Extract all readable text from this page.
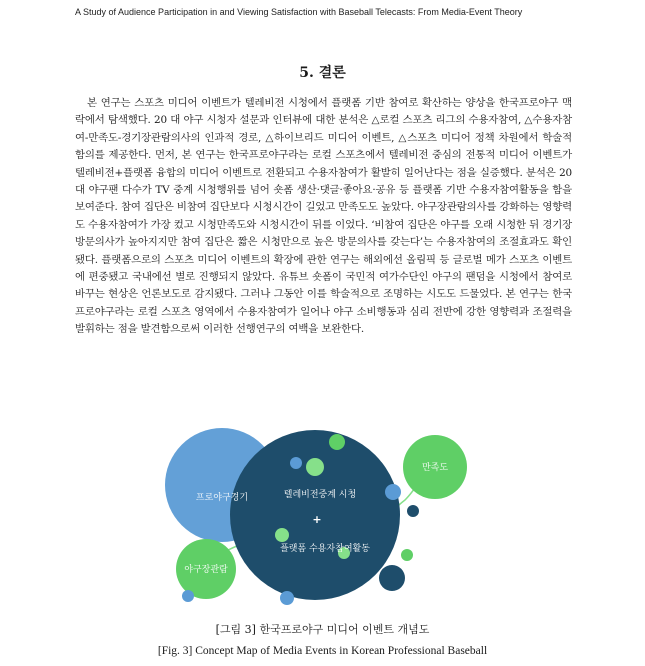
A Study of Audience Participation in and Viewing Satisfaction with Baseball Telecasts: From Media-Event Theory
5. 결론

본 연구는 스포츠 미디어 이벤트가 텔레비전 시청에서 플랫폼 기반 참여로 확산하는 양상을 한국프로야구 맥락에서 탐색했다. 20 대 야구 시청자 설문과 인터뷰에 대한 분석은 △로컬 스포츠 리그의 수용자참여, △수용자참여-만족도-경기장관람의사의 인과적 경로, △하이브리드 미디어 이벤트, △스포츠 미디어 정책 차원에서 학술적 함의를 제공한다. 먼저, 본 연구는 한국프로야구라는 로컬 스포츠에서 텔레비전 중심의 전통적 미디어 이벤트가 텔레비전+플랫폼 융합의 미디어 이벤트로 전환되고 수용자참여가 활발히 일어난다는 점을 실증했다. 분석은 20 대 야구팬 다수가 TV 중계 시청행위를 넘어 숏폼 생산·댓글·좋아요·공유 등 플랫폼 기반 수용자참여활동을 함을 보여준다. 참여 집단은 비참여 집단보다 시청시간이 길었고 만족도도 높았다. 야구장관람의사를 강화하는 영향력도 수용자참여가 가장 컸고 시청만족도와 시청시간이 뒤를 이었다. ‘비참여 집단은 야구를 오래 시청한 뒤 경기장방문의사가 높아지지만 참여 집단은 짧은 시청만으로 높은 방문의사를 갖는다’는 수용자참여의 조절효과도 확인됐다. 플랫폼으로의 스포츠 미디어 이벤트의 확장에 관한 연구는 해외에선 올림픽 등 글로벌 메가 스포츠 이벤트에 편중됐고 국내에선 별로 진행되지 않았다. 유튜브 숏폼이 국민적 여가수단인 야구의 팬덤을 시청에서 참여로 바꾸는 현상은 언론보도로 감지됐다. 그러나 그동안 이를 학술적으로 조명하는 시도도 드물었다. 본 연구는 한국프로야구라는 로컬 스포츠 영역에서 수용자참여가 일어나 야구 소비행동과 심리 전반에 강한 영향력과 조절력을 발휘하는 점을 발견함으로써 이러한 선행연구의 여백을 보완한다.

프로야구경기	텔레비전중계 시청
+
플랫폼 수용자참여활동
만족도
야구장관람
[그림 3] 한국프로야구 미디어 이벤트 개념도
[Fig. 3] Concept Map of Media Events in Korean Professional Baseball
